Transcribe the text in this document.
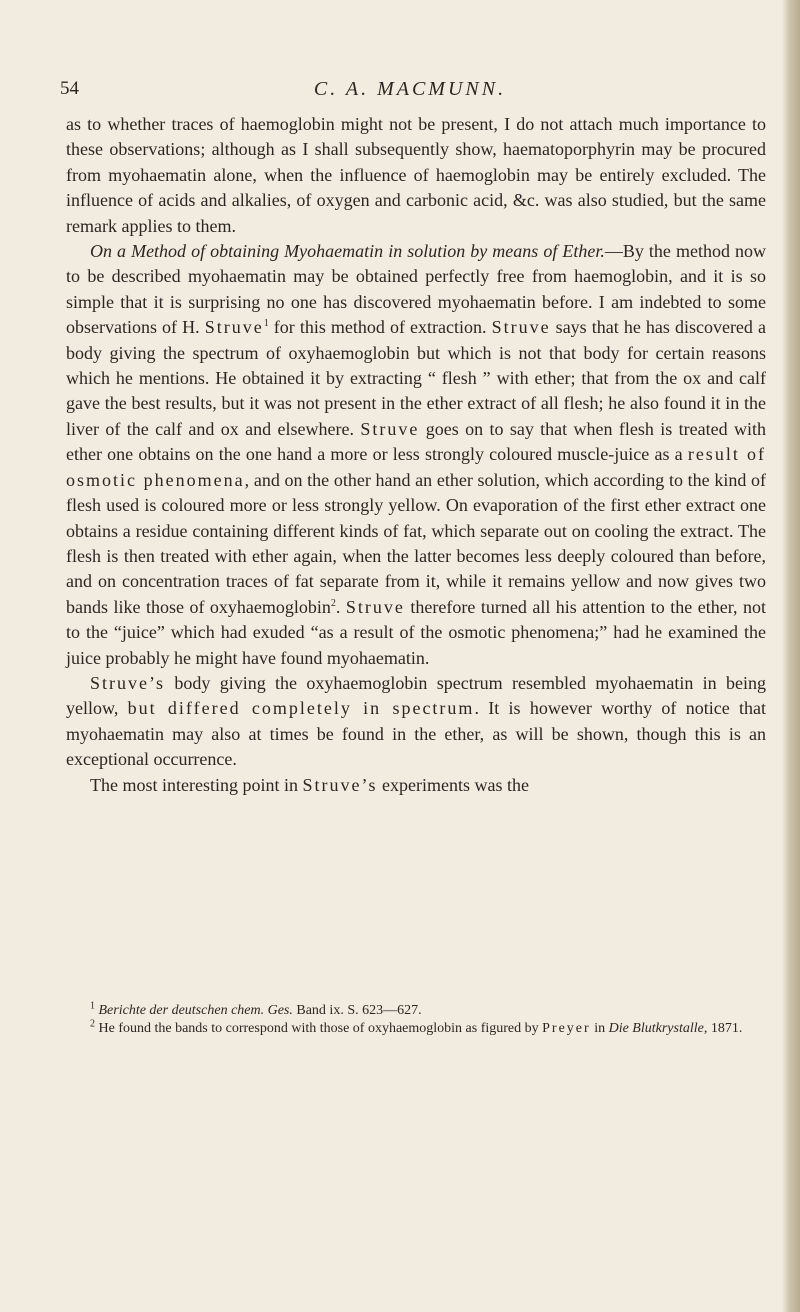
54	C. A. MACMUNN.

as to whether traces of haemoglobin might not be present, I do not attach much importance to these observations; although as I shall subsequently show, haematoporphyrin may be procured from myohaematin alone, when the influence of haemoglobin may be entirely excluded. The influence of acids and alkalies, of oxygen and carbonic acid, &c. was also studied, but the same remark applies to them.

On a Method of obtaining Myohaematin in solution by means of Ether.—By the method now to be described myohaematin may be obtained perfectly free from haemoglobin, and it is so simple that it is surprising no one has discovered myohaematin before. I am indebted to some observations of H. Struve$^1$ for this method of extraction. Struve says that he has discovered a body giving the spectrum of oxyhaemoglobin but which is not that body for certain reasons which he mentions. He obtained it by extracting “ flesh ” with ether; that from the ox and calf gave the best results, but it was not present in the ether extract of all flesh; he also found it in the liver of the calf and ox and elsewhere. Struve goes on to say that when flesh is treated with ether one obtains on the one hand a more or less strongly coloured muscle-juice as a result of osmotic phenomena, and on the other hand an ether solution, which according to the kind of flesh used is coloured more or less strongly yellow. On evaporation of the first ether extract one obtains a residue containing different kinds of fat, which separate out on cooling the extract. The flesh is then treated with ether again, when the latter becomes less deeply coloured than before, and on concentration traces of fat separate from it, while it remains yellow and now gives two bands like those of oxyhaemoglobin$^2$. Struve therefore turned all his attention to the ether, not to the “juice” which had exuded “as a result of the osmotic phenomena;” had he examined the juice probably he might have found myohaematin.

Struve’s body giving the oxyhaemoglobin spectrum resembled myohaematin in being yellow, but differed completely in spectrum. It is however worthy of notice that myohaematin may also at times be found in the ether, as will be shown, though this is an exceptional occurrence.

The most interesting point in Struve’s experiments was the

$^1$ Berichte der deutschen chem. Ges. Band ix. S. 623—627.

$^2$ He found the bands to correspond with those of oxyhaemoglobin as figured by Preyer in Die Blutkrystalle, 1871.
